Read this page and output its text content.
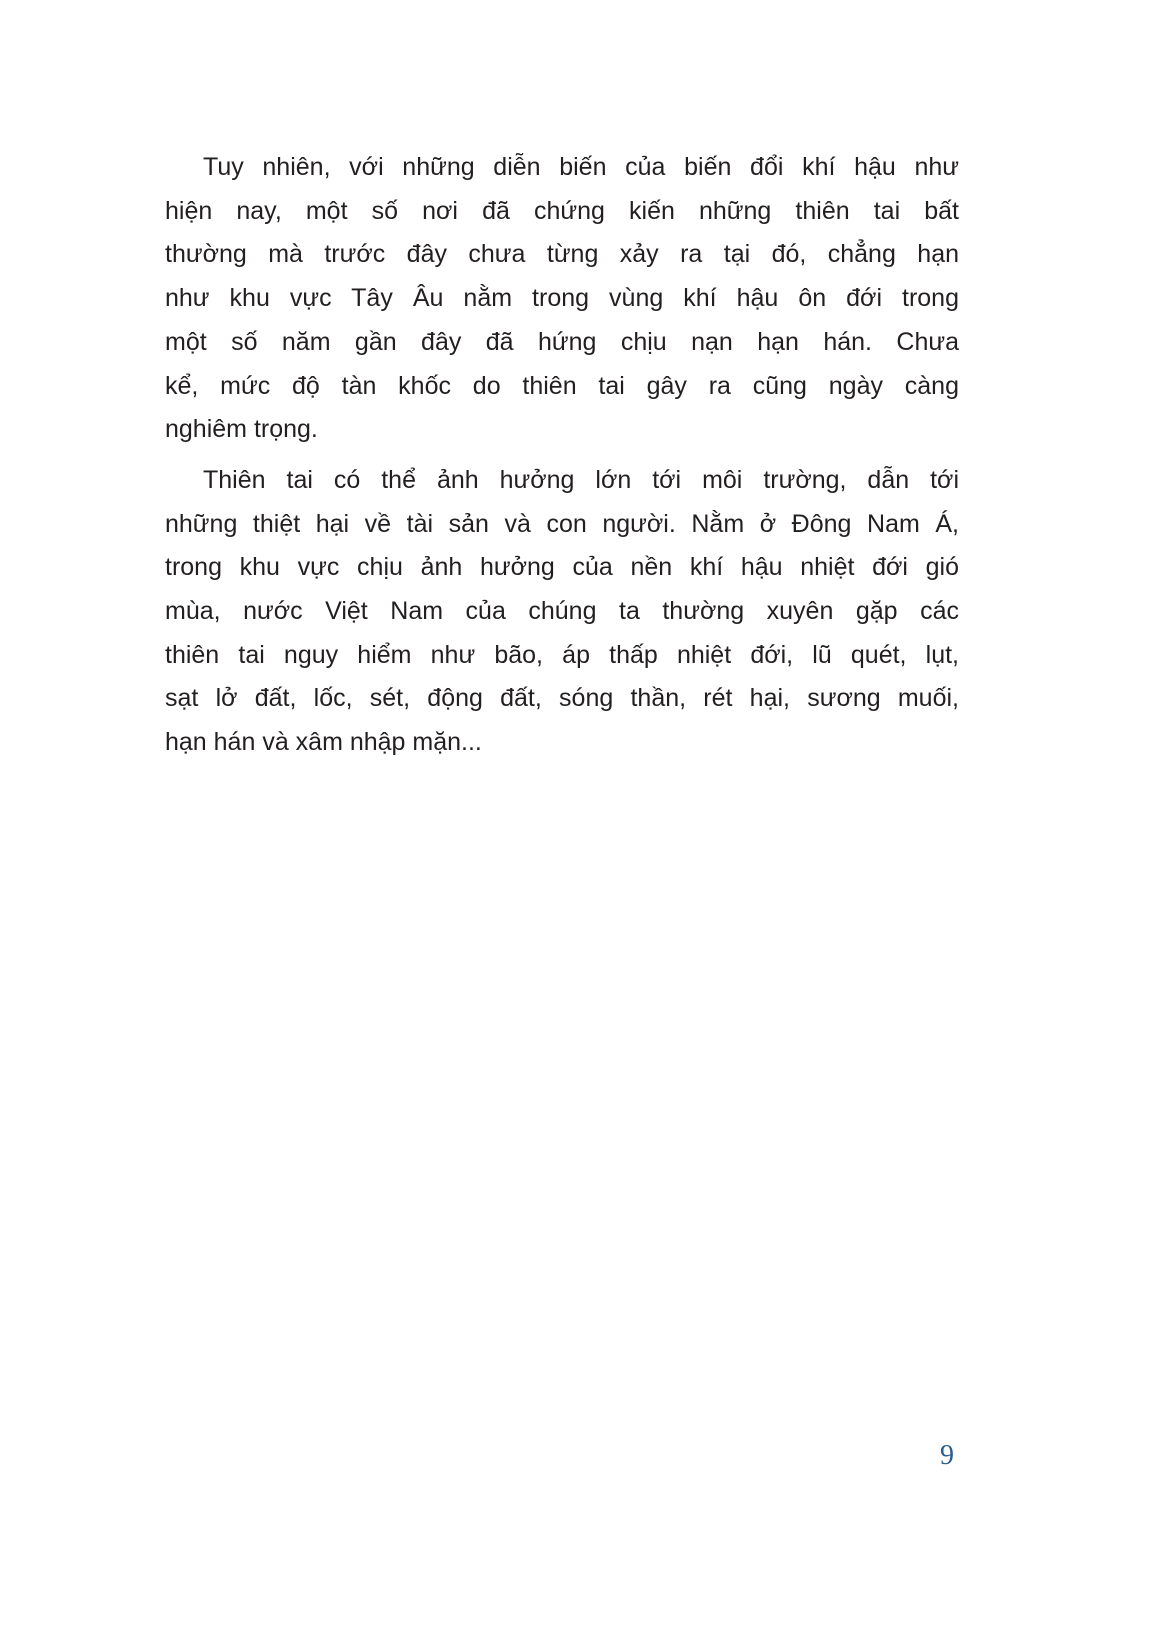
Tuy nhiên, với những diễn biến của biến đổi khí hậu như
hiện nay, một số nơi đã chứng kiến những thiên tai bất
thường mà trước đây chưa từng xảy ra tại đó, chẳng hạn
như khu vực Tây Âu nằm trong vùng khí hậu ôn đới trong
một số năm gần đây đã hứng chịu nạn hạn hán. Chưa
kể, mức độ tàn khốc do thiên tai gây ra cũng ngày càng
nghiêm trọng.

Thiên tai có thể ảnh hưởng lớn tới môi trường, dẫn tới
những thiệt hại về tài sản và con người. Nằm ở Đông Nam Á,
trong khu vực chịu ảnh hưởng của nền khí hậu nhiệt đới gió
mùa, nước Việt Nam của chúng ta thường xuyên gặp các
thiên tai nguy hiểm như bão, áp thấp nhiệt đới, lũ quét, lụt,
sạt lở đất, lốc, sét, động đất, sóng thần, rét hại, sương muối,
hạn hán và xâm nhập mặn...

9
